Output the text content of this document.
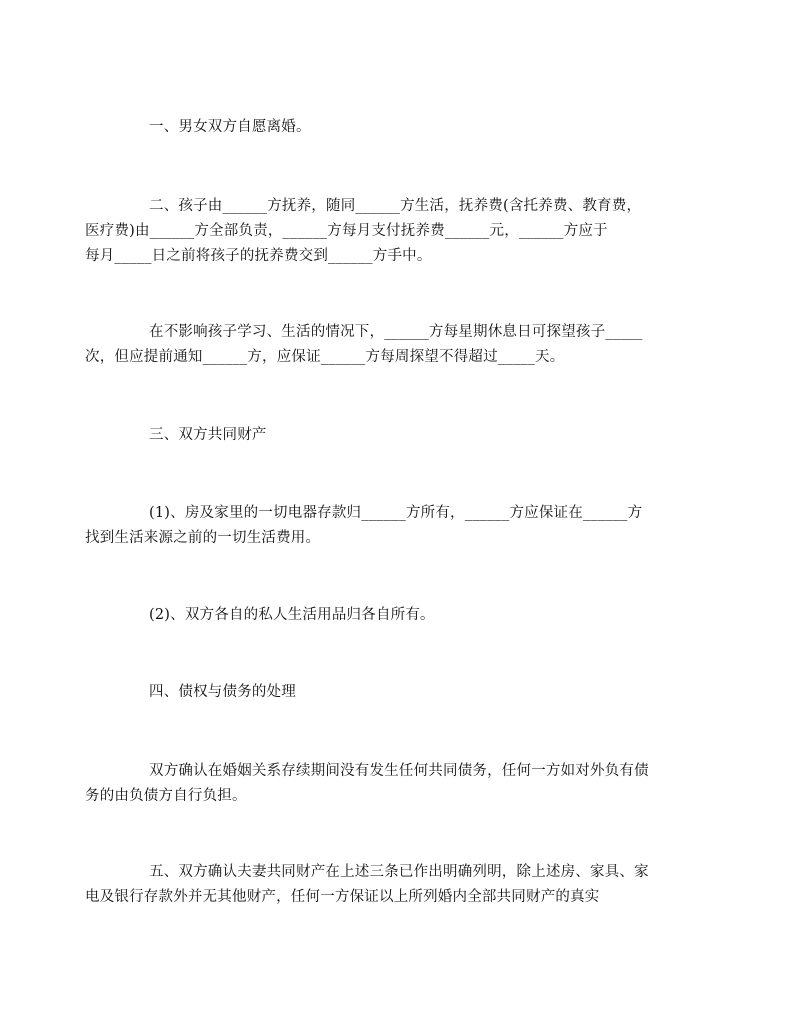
一、男女双方自愿离婚。
二、孩子由______方抚养，随同______方生活，抚养费(含托养费、教育费，
医疗费)由______方全部负责，______方每月支付抚养费______元，______方应于
每月_____日之前将孩子的抚养费交到______方手中。
在不影响孩子学习、生活的情况下，______方每星期休息日可探望孩子_____
次，但应提前通知______方，应保证______方每周探望不得超过_____天。
三、双方共同财产
(1)、房及家里的一切电器存款归______方所有，______方应保证在______方
找到生活来源之前的一切生活费用。
(2)、双方各自的私人生活用品归各自所有。
四、债权与债务的处理
双方确认在婚姻关系存续期间没有发生任何共同债务，任何一方如对外负有债
务的由负债方自行负担。
五、双方确认夫妻共同财产在上述三条已作出明确列明，除上述房、家具、家
电及银行存款外并无其他财产，任何一方保证以上所列婚内全部共同财产的真实
